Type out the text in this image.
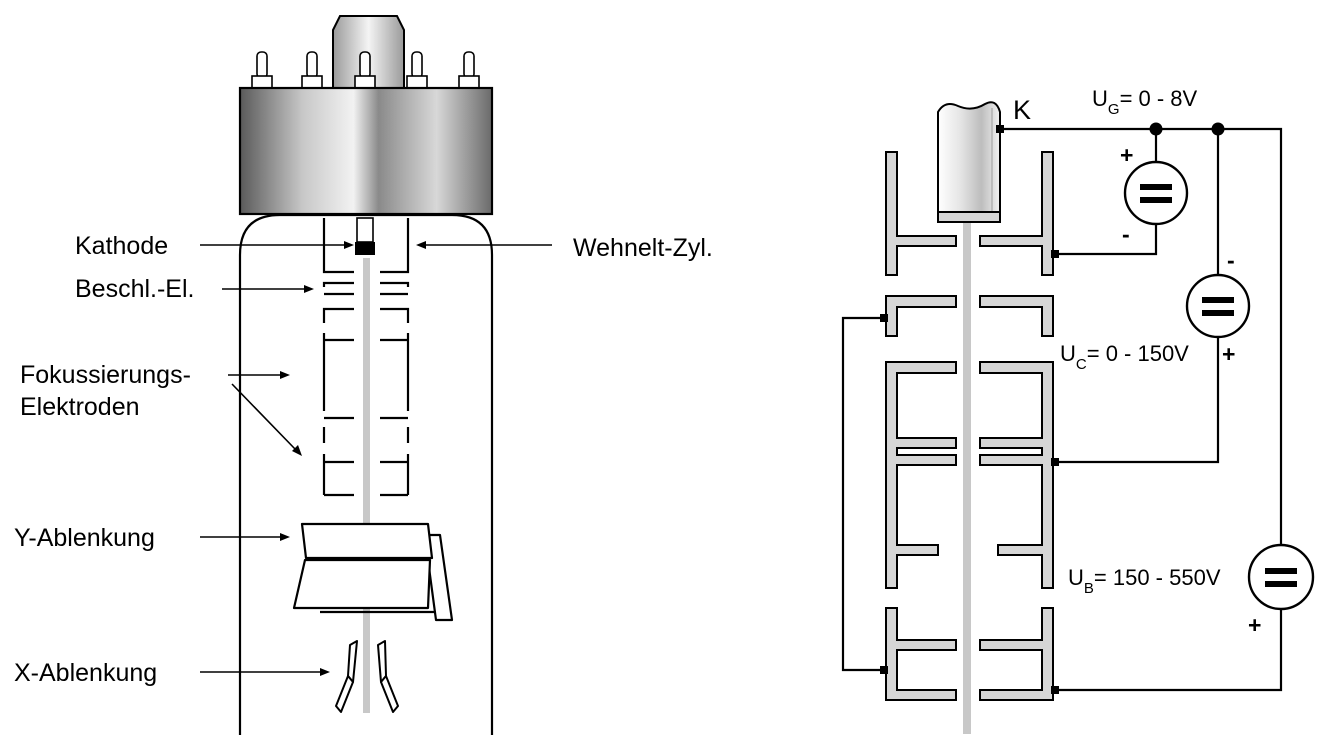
Kathode	Wehnelt-Zyl.
Beschl.-El.
Fokussierungs-
Elektroden
Y-Ablenkung
X-Ablenkung
K
+
-
-
+
+
$U_G= 0 - 8V$
$U_C= 0 - 150V$
$U_B= 150 - 550V$
